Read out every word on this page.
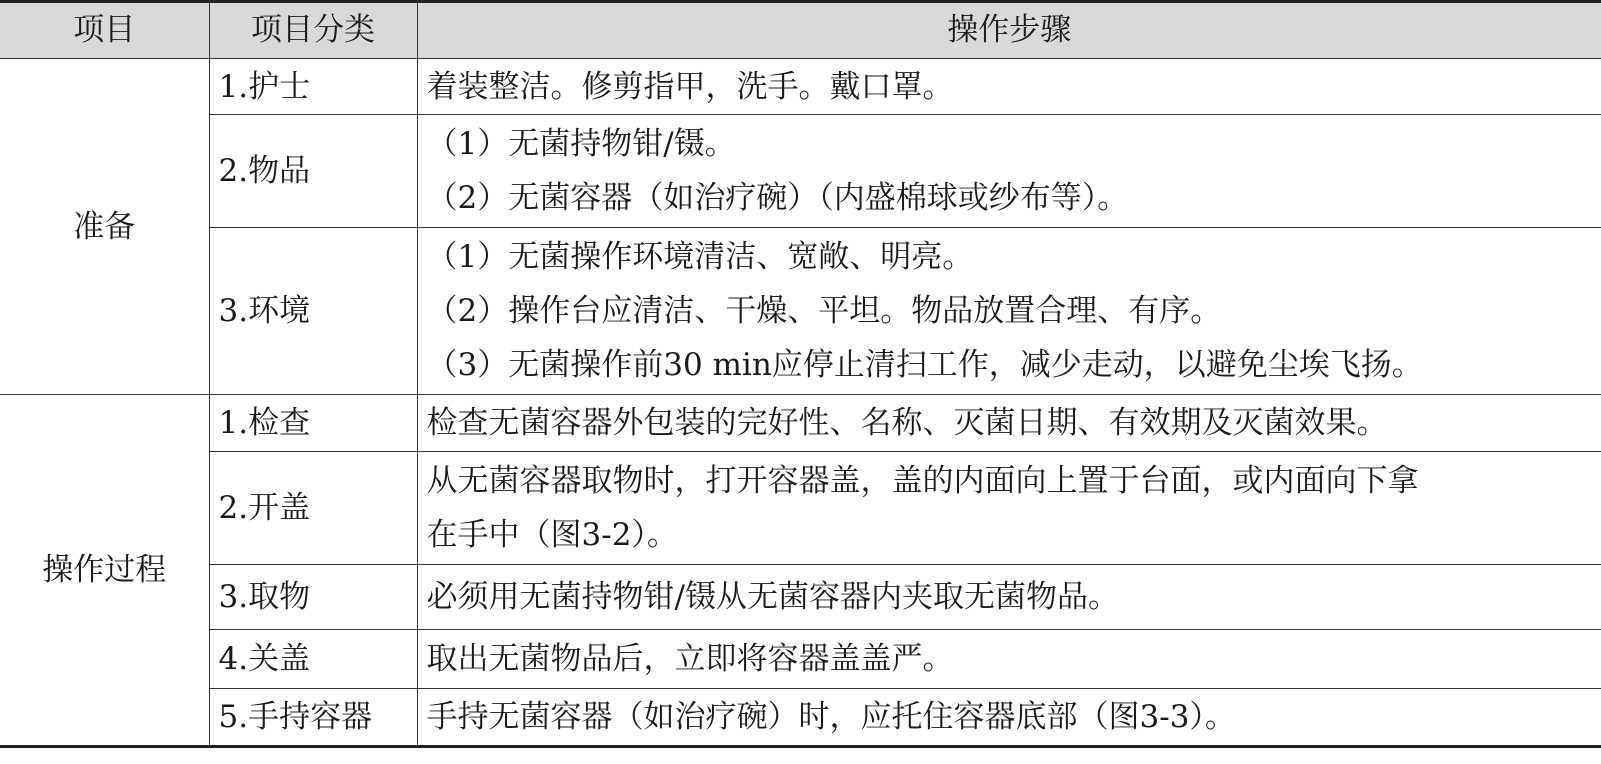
项目	项目分类	操作步骤
准备	1.护士	着装整洁。修剪指甲，洗手。戴口罩。

	2.物品	（1）无菌持物钳/镊。
（2）无菌容器（如治疗碗）（内盛棉球或纱布等）。

	3.环境	（1）无菌操作环境清洁、宽敞、明亮。
（2）操作台应清洁、干燥、平坦。物品放置合理、有序。
（3）无菌操作前30 min应停止清扫工作，减少走动，以避免尘埃飞扬。

操作过程	1.检查	检查无菌容器外包装的完好性、名称、灭菌日期、有效期及灭菌效果。

	2.开盖	从无菌容器取物时，打开容器盖，盖的内面向上置于台面，或内面向下拿
在手中（图3-2）。

	3.取物	必须用无菌持物钳/镊从无菌容器内夹取无菌物品。

	4.关盖	取出无菌物品后，立即将容器盖盖严。

	5.手持容器	手持无菌容器（如治疗碗）时，应托住容器底部（图3-3）。
